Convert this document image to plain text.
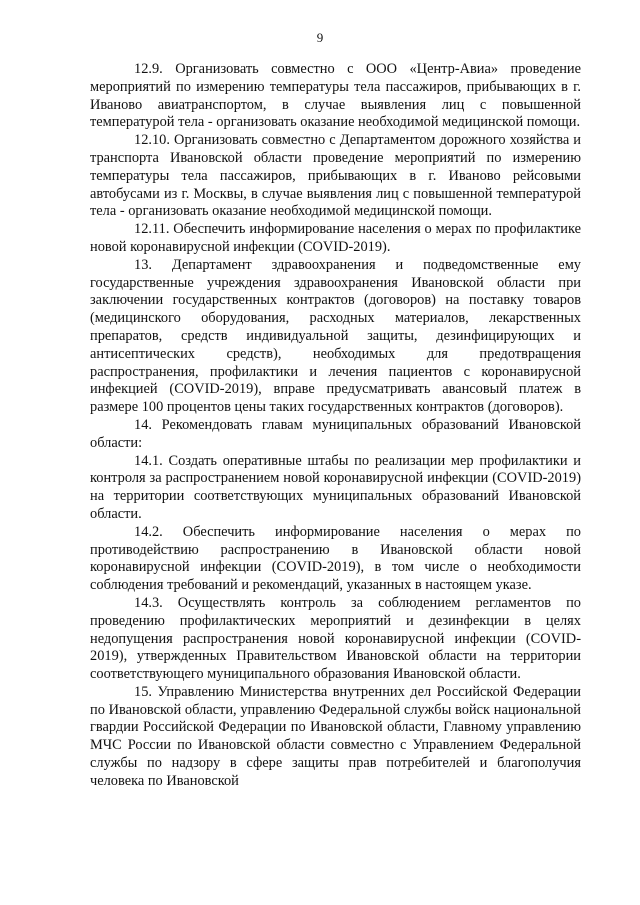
9

12.9. Организовать совместно с ООО «Центр-Авиа» проведение мероприятий по измерению температуры тела пассажиров, прибывающих в г. Иваново авиатранспортом, в случае выявления лиц с повышенной температурой тела - организовать оказание необходимой медицинской помощи.

12.10. Организовать совместно с Департаментом дорожного хозяйства и транспорта Ивановской области проведение мероприятий по измерению температуры тела пассажиров, прибывающих в г. Иваново рейсовыми автобусами из г. Москвы, в случае выявления лиц с повышенной температурой тела - организовать оказание необходимой медицинской помощи.

12.11. Обеспечить информирование населения о мерах по профилактике новой коронавирусной инфекции (COVID-2019).

13. Департамент здравоохранения и подведомственные ему государственные учреждения здравоохранения Ивановской области при заключении государственных контрактов (договоров) на поставку товаров (медицинского оборудования, расходных материалов, лекарственных препаратов, средств индивидуальной защиты, дезинфицирующих и антисептических средств), необходимых для предотвращения распространения, профилактики и лечения пациентов с коронавирусной инфекцией (COVID-2019), вправе предусматривать авансовый платеж в размере 100 процентов цены таких государственных контрактов (договоров).

14. Рекомендовать главам муниципальных образований Ивановской области:

14.1. Создать оперативные штабы по реализации мер профилактики и контроля за распространением новой коронавирусной инфекции (COVID-2019) на территории соответствующих муниципальных образований Ивановской области.

14.2. Обеспечить информирование населения о мерах по противодействию распространению в Ивановской области новой коронавирусной инфекции (COVID-2019), в том числе о необходимости соблюдения требований и рекомендаций, указанных в настоящем указе.

14.3. Осуществлять контроль за соблюдением регламентов по проведению профилактических мероприятий и дезинфекции в целях недопущения распространения новой коронавирусной инфекции (COVID-2019), утвержденных Правительством Ивановской области на территории соответствующего муниципального образования Ивановской области.

15. Управлению Министерства внутренних дел Российской Федерации по Ивановской области, управлению Федеральной службы войск национальной гвардии Российской Федерации по Ивановской области, Главному управлению МЧС России по Ивановской области совместно с Управлением Федеральной службы по надзору в сфере защиты прав потребителей и благополучия человека по Ивановской
